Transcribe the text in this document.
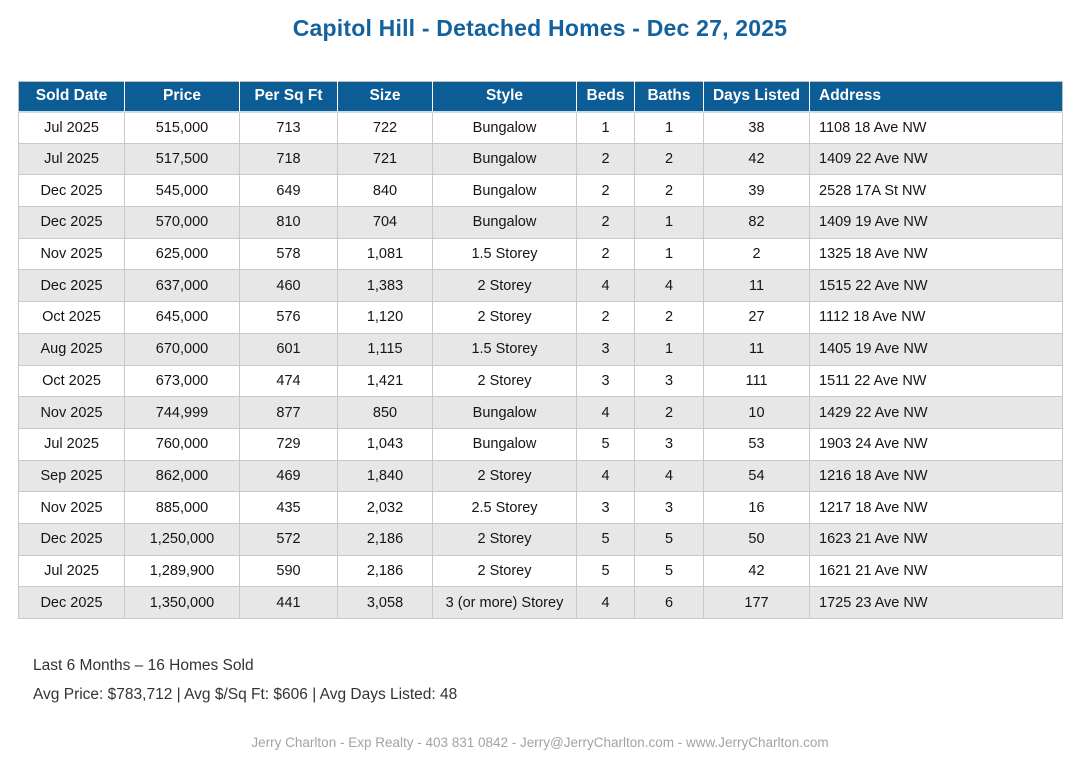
Capitol Hill - Detached Homes - Dec 27, 2025
Sold Date	Price	Per Sq Ft	Size	Style	Beds	Baths	Days Listed	Address
Jul 2025	515,000	713	722	Bungalow	1	1	38	1108 18 Ave NW
Jul 2025	517,500	718	721	Bungalow	2	2	42	1409 22 Ave NW
Dec 2025	545,000	649	840	Bungalow	2	2	39	2528 17A St NW
Dec 2025	570,000	810	704	Bungalow	2	1	82	1409 19 Ave NW
Nov 2025	625,000	578	1,081	1.5 Storey	2	1	2	1325 18 Ave NW
Dec 2025	637,000	460	1,383	2 Storey	4	4	11	1515 22 Ave NW
Oct 2025	645,000	576	1,120	2 Storey	2	2	27	1112 18 Ave NW
Aug 2025	670,000	601	1,115	1.5 Storey	3	1	11	1405 19 Ave NW
Oct 2025	673,000	474	1,421	2 Storey	3	3	111	1511 22 Ave NW
Nov 2025	744,999	877	850	Bungalow	4	2	10	1429 22 Ave NW
Jul 2025	760,000	729	1,043	Bungalow	5	3	53	1903 24 Ave NW
Sep 2025	862,000	469	1,840	2 Storey	4	4	54	1216 18 Ave NW
Nov 2025	885,000	435	2,032	2.5 Storey	3	3	16	1217 18 Ave NW
Dec 2025	1,250,000	572	2,186	2 Storey	5	5	50	1623 21 Ave NW
Jul 2025	1,289,900	590	2,186	2 Storey	5	5	42	1621 21 Ave NW
Dec 2025	1,350,000	441	3,058	3 (or more) Storey	4	6	177	1725 23 Ave NW
Last 6 Months – 16 Homes Sold
Avg Price: $783,712 | Avg $/Sq Ft: $606 | Avg Days Listed: 48
Jerry Charlton - Exp Realty - 403 831 0842 - Jerry@JerryCharlton.com - www.JerryCharlton.com
